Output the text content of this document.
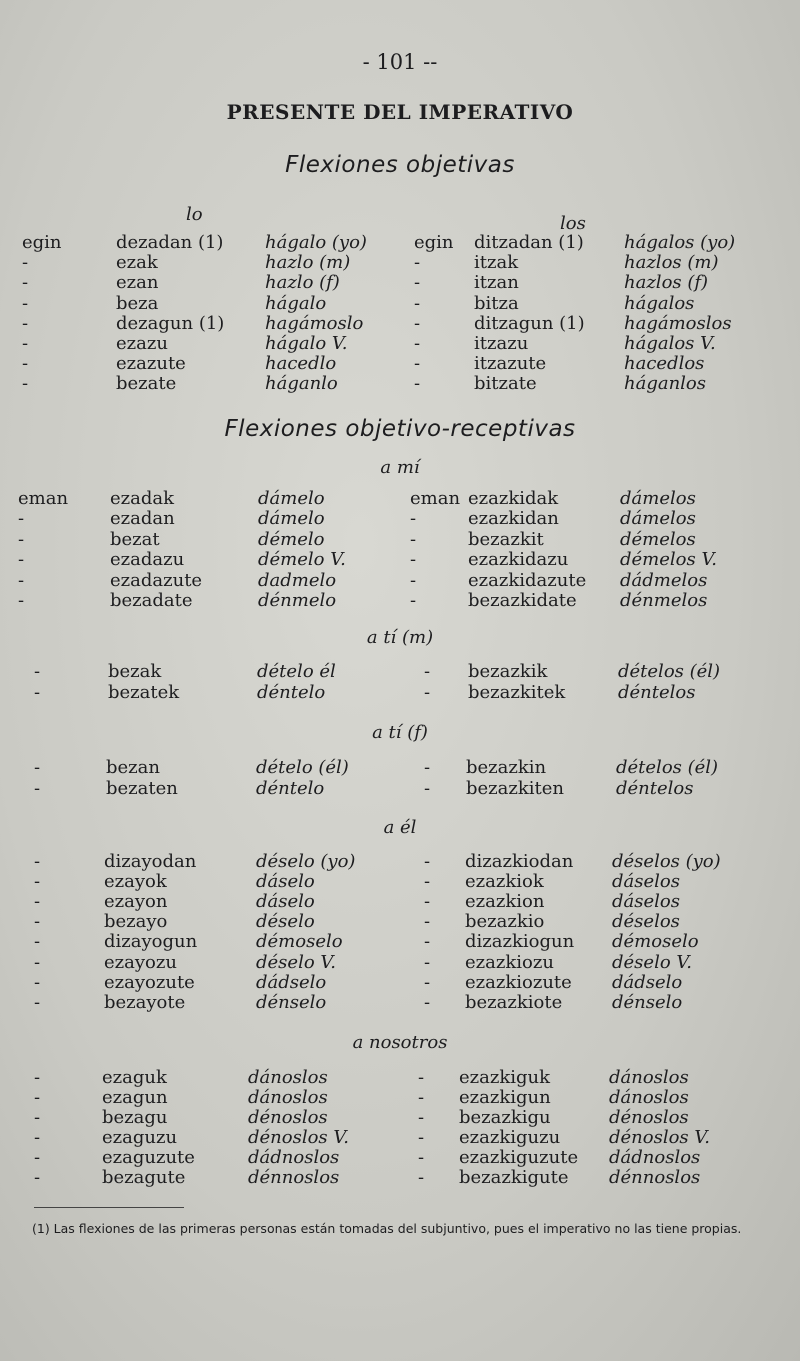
- 101 --
PRESENTE DEL IMPERATIVO
Flexiones objetivas
lo	los
egin	dezadan (1) hágalo (yo)	egin ditzadan (1) hágalos (yo)
-	ezak	hazlo (m)	-	itzak	hazlos (m)
-	ezan	hazlo (f)	-	itzan	hazlos (f)
-	beza	hágalo	-	bitza	hágalos
-	dezagun (1) hagámoslo	-	ditzagun (1) hagámoslos
-	ezazu	hágalo V.	-	itzazu	hágalos V.
-	ezazute	hacedlo	-	itzazute	hacedlos
-	bezate	háganlo	-	bitzate	háganlos
Flexiones objetivo-receptivas
a mí
eman ezadak	dámelo	eman ezazkidak	dámelos
-	ezadan	dámelo	-	ezazkidan	dámelos
-	bezat	démelo	-	bezazkit	démelos
-	ezadazu	démelo V.	-	ezazkidazu	démelos V.
-	ezadazute	dadmelo	-	ezazkidazute dádmelos
-	bezadate	dénmelo	-	bezazkidate dénmelos
a tí (m)
-	bezak	dételo él	- bezazkik	dételos (él)
-	bezatek	déntelo	- bezazkitek	déntelos
a tí (f)
-	bezan	dételo (él)	- bezazkin	dételos (él)
-	bezaten	déntelo	- bezazkiten	déntelos
a él
-	dizayodan	déselo (yo)	- dizazkiodan déselos (yo)
-	ezayok	dáselo	- ezazkiok	dáselos
-	ezayon	dáselo	- ezazkion	dáselos
-	bezayo	déselo	- bezazkio	déselos
-	dizayogun	démoselo	- dizazkiogun démoselo
-	ezayozu	déselo V.	- ezazkiozu	déselo V.
-	ezayozute	dádselo	- ezazkiozute dádselo
-	bezayote	dénselo	- bezazkiote	dénselo
a nosotros
-	ezaguk	dánoslos	- ezazkiguk	dánoslos
-	ezagun	dánoslos	- ezazkigun	dánoslos
-	bezagu	dénoslos	- bezazkigu	dénoslos
-	ezaguzu	dénoslos V.	- ezazkiguzu	dénoslos V.
-	ezaguzute	dádnoslos	- ezazkiguzute dádnoslos
-	bezagute	dénnoslos	- bezazkigute dénnoslos
(1) Las flexiones de las primeras personas están tomadas del subjuntivo, pues el imperativo no las tiene propias.
